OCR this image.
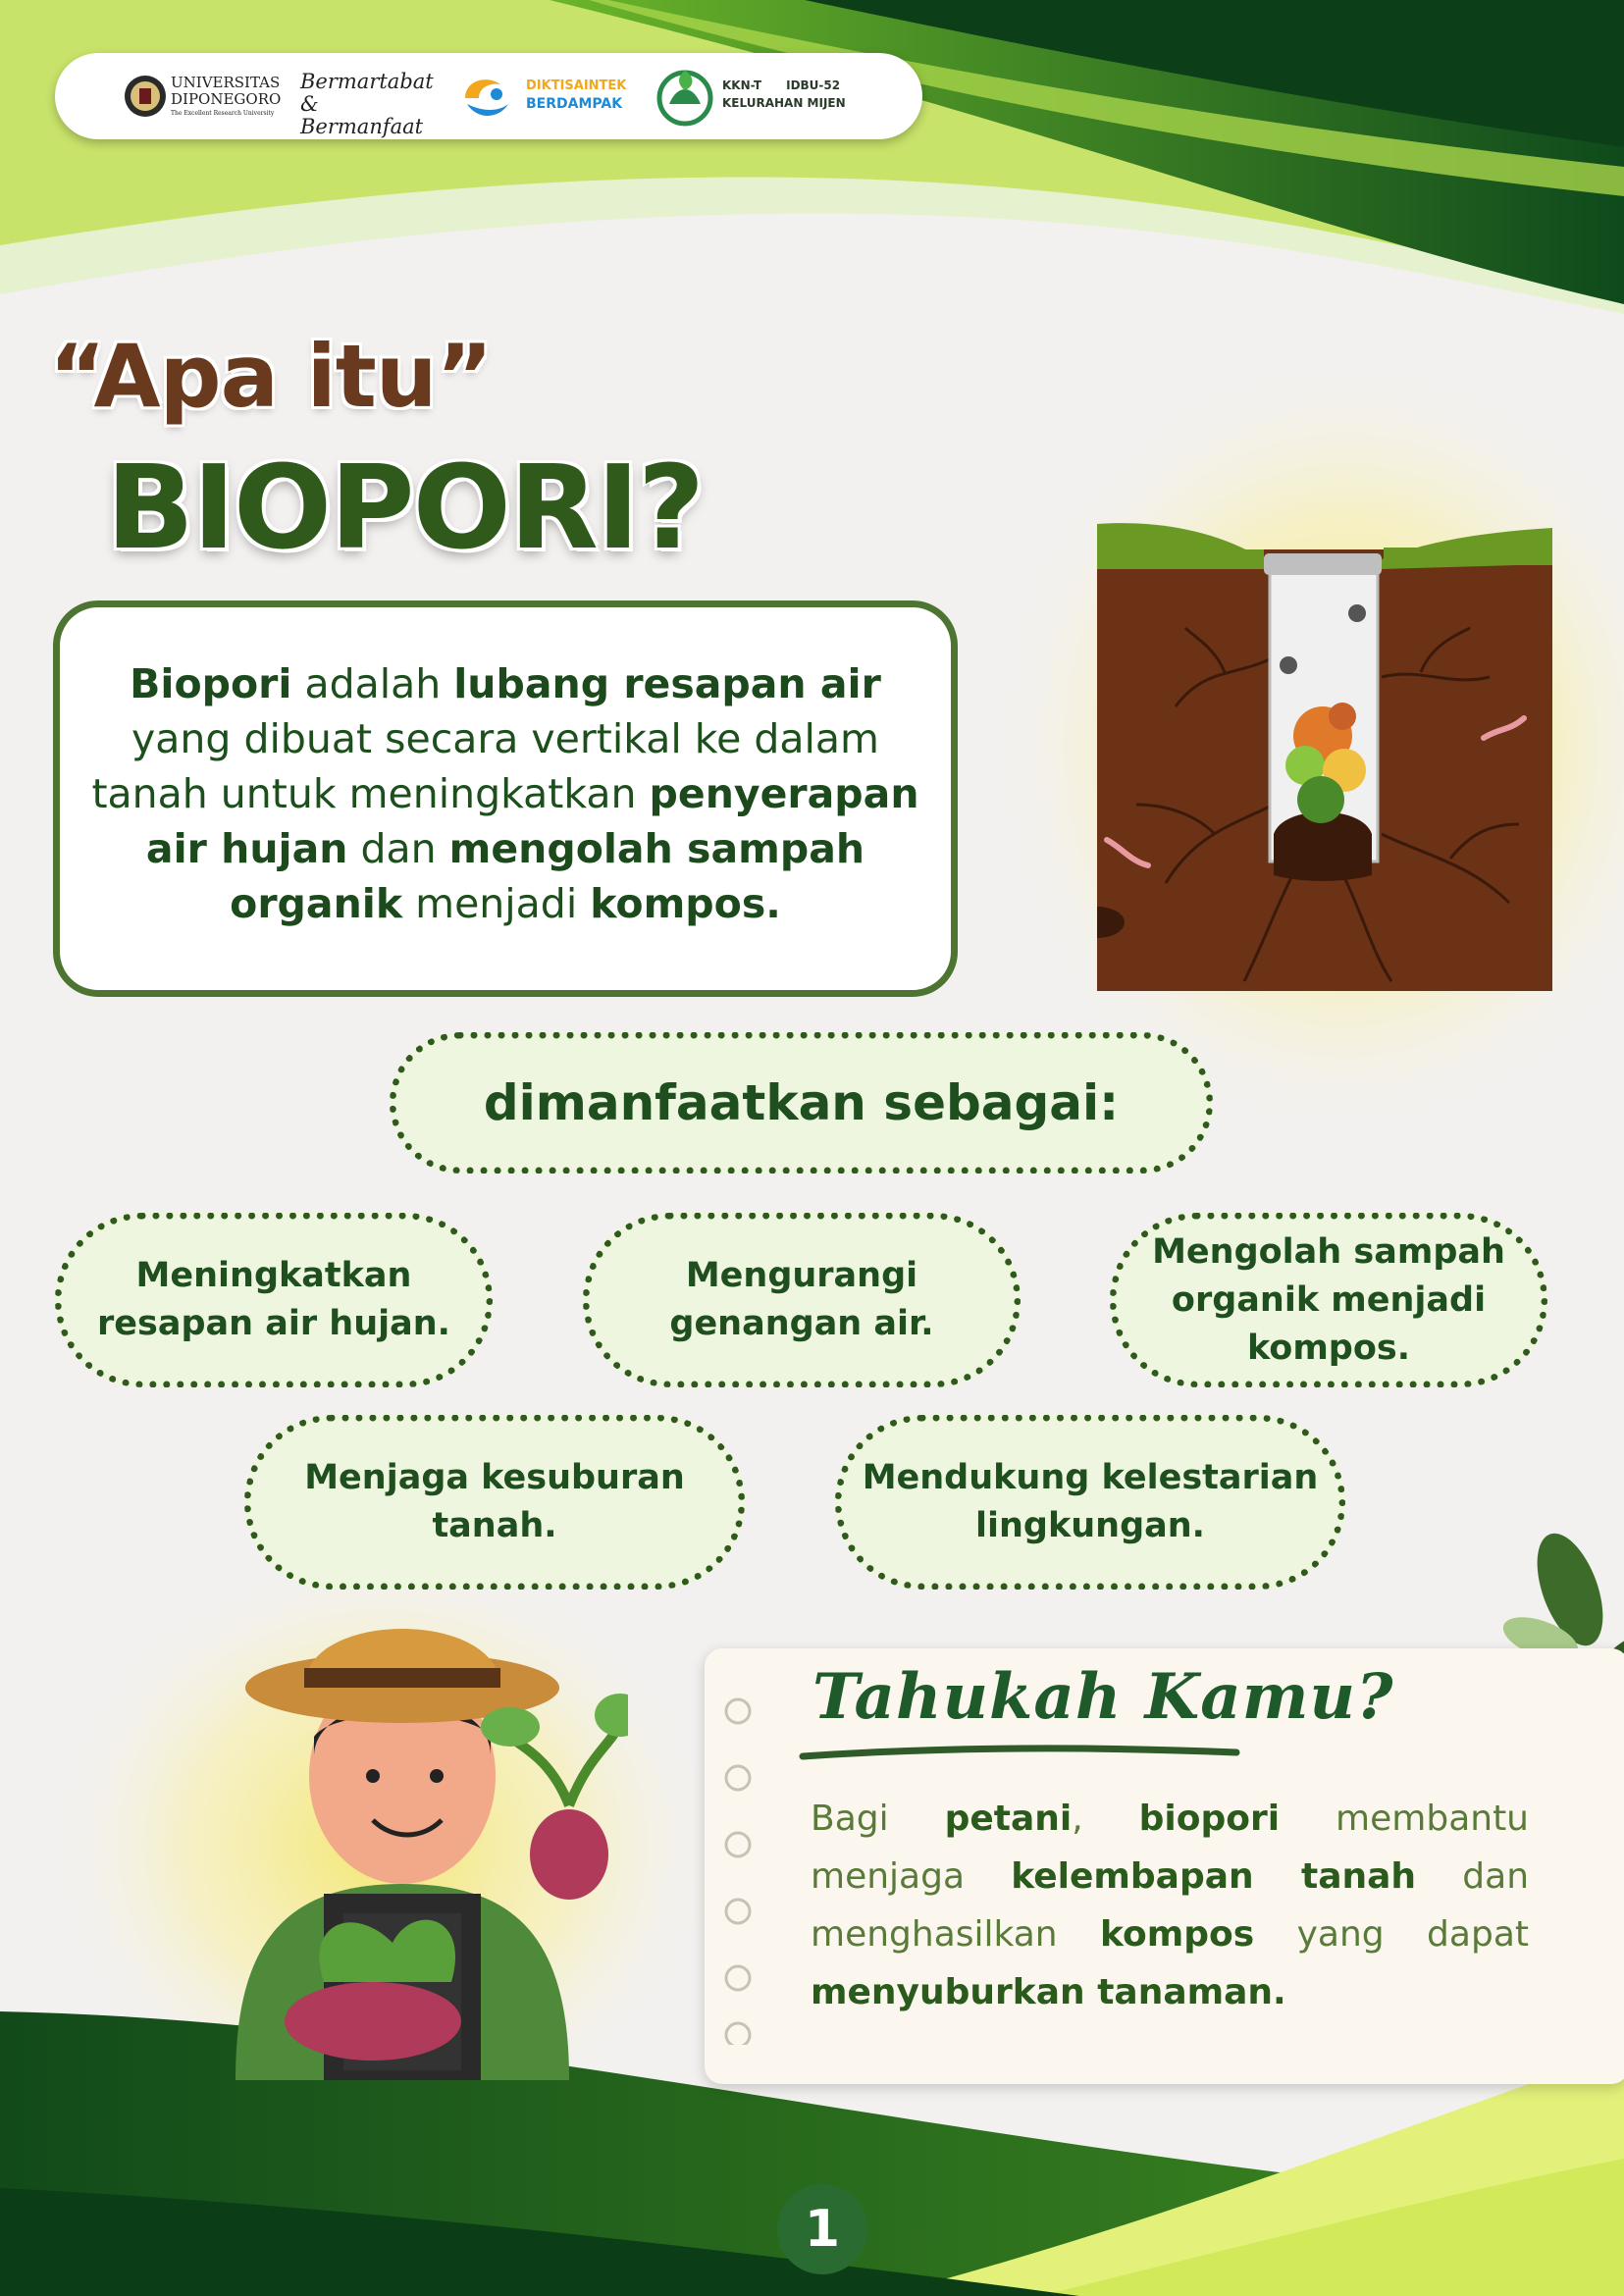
UNIVERSITAS DIPONEGORO
The Excellent Research University
Bermartabat & Bermanfaat
DIKTISAINTEK
BERDAMPAK
KKN-T      IDBU-52
KELURAHAN MIJEN
“Apa itu”
BIOPORI?
Biopori adalah lubang resapan air yang dibuat secara vertikal ke dalam tanah untuk meningkatkan penyerapan air hujan dan mengolah sampah organik menjadi kompos.
dimanfaatkan sebagai:
Meningkatkan resapan air hujan.
Mengurangi genangan air.
Mengolah sampah organik menjadi kompos.
Menjaga kesuburan tanah.
Mendukung kelestarian lingkungan.
Tahukah Kamu?
Bagi petani, biopori membantu menjaga kelembapan tanah dan menghasilkan kompos yang dapat menyuburkan tanaman.
1
